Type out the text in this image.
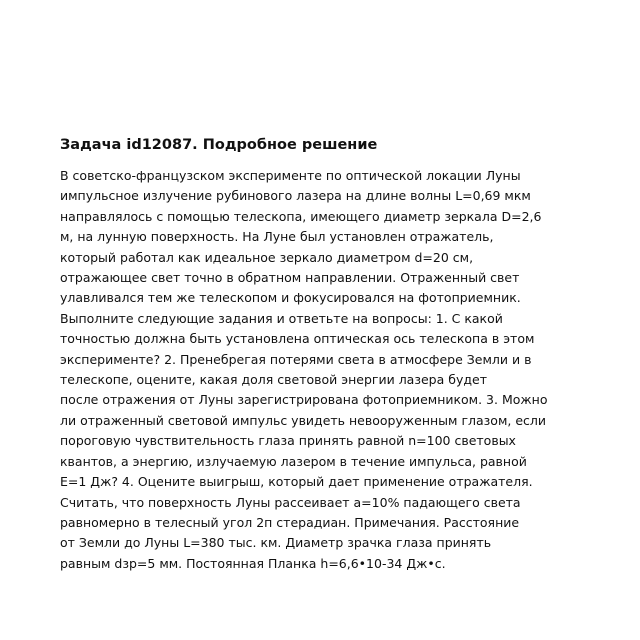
Задача id12087. Подробное решение

В советско-французском эксперименте по оптической локации Луны
импульсное излучение рубинового лазера на длине волны L=0,69 мкм
направлялось с помощью телескопа, имеющего диаметр зеркала D=2,6
м, на лунную поверхность. На Луне был установлен отражатель,
который работал как идеальное зеркало диаметром d=20 см,
отражающее свет точно в обратном направлении. Отраженный свет
улавливался тем же телескопом и фокусировался на фотоприемник.
Выполните следующие задания и ответьте на вопросы: 1. С какой
точностью должна быть установлена оптическая ось телескопа в этом
эксперименте? 2. Пренебрегая потерями света в атмосфере Земли и в
телескопе, оцените, какая доля световой энергии лазера будет
после отражения от Луны зарегистрирована фотоприемником. 3. Можно
ли отраженный световой импульс увидеть невооруженным глазом, если
пороговую чувствительность глаза принять равной n=100 световых
квантов, а энергию, излучаемую лазером в течение импульса, равной
E=1 Дж? 4. Оцените выигрыш, который дает применение отражателя.
Считать, что поверхность Луны рассеивает a=10% падающего света
равномерно в телесный угол 2п стерадиан. Примечания. Расстояние
от Земли до Луны L=380 тыс. км. Диаметр зрачка глаза принять
равным dзр=5 мм. Постоянная Планка h=6,6•10-34 Дж•с.
